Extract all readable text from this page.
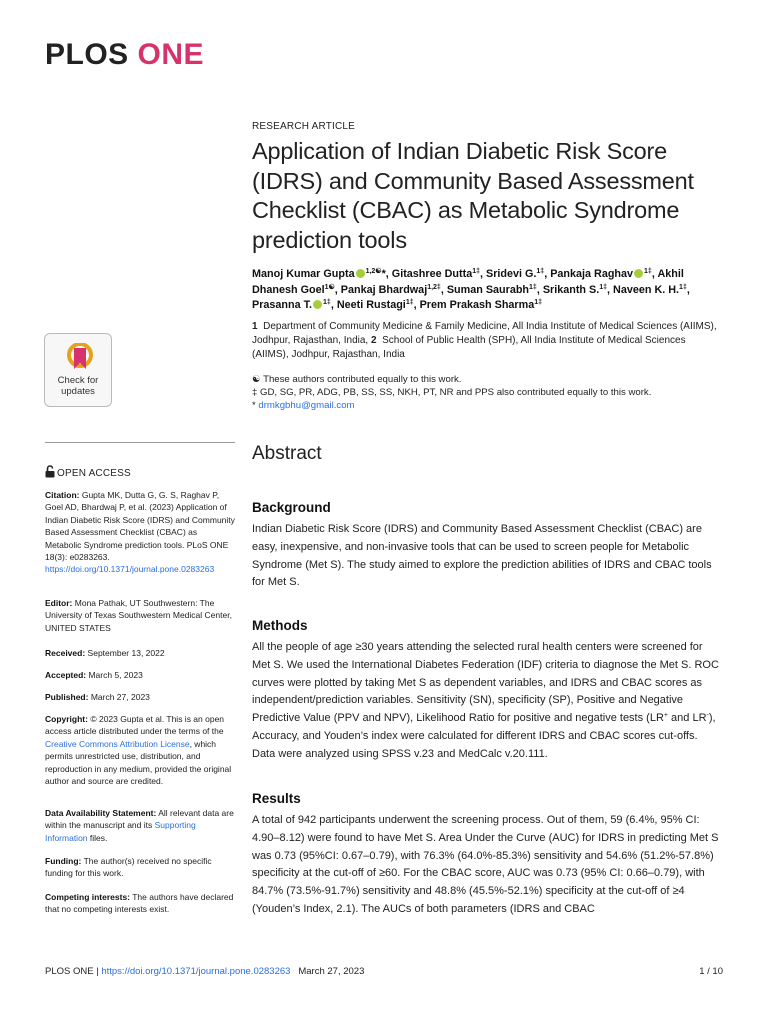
PLOS ONE
Check for
updates
OPEN ACCESS
Citation: Gupta MK, Dutta G, G. S, Raghav P, Goel AD, Bhardwaj P, et al. (2023) Application of Indian Diabetic Risk Score (IDRS) and Community Based Assessment Checklist (CBAC) as Metabolic Syndrome prediction tools. PLoS ONE 18(3): e0283263. https://doi.org/10.1371/journal.pone.0283263
Editor: Mona Pathak, UT Southwestern: The University of Texas Southwestern Medical Center, UNITED STATES
Received: September 13, 2022
Accepted: March 5, 2023
Published: March 27, 2023
Copyright: © 2023 Gupta et al. This is an open access article distributed under the terms of the Creative Commons Attribution License, which permits unrestricted use, distribution, and reproduction in any medium, provided the original author and source are credited.
Data Availability Statement: All relevant data are within the manuscript and its Supporting Information files.
Funding: The author(s) received no specific funding for this work.
Competing interests: The authors have declared that no competing interests exist.
RESEARCH ARTICLE
Application of Indian Diabetic Risk Score (IDRS) and Community Based Assessment Checklist (CBAC) as Metabolic Syndrome prediction tools
Manoj Kumar Gupta $^{1,2☯}$*, Gitashree Dutta$^{1\ddagger}$, Sridevi G.$^{1\ddagger}$, Pankaja Raghav $^{1\ddagger}$, Akhil Dhanesh Goel$^{1☯}$, Pankaj Bhardwaj$^{1,2\ddagger}$, Suman Saurabh$^{1\ddagger}$, Srikanth S.$^{1\ddagger}$, Naveen K. H.$^{1\ddagger}$, Prasanna T. $^{1\ddagger}$, Neeti Rustagi$^{1\ddagger}$, Prem Prakash Sharma$^{1\ddagger}$
1 Department of Community Medicine & Family Medicine, All India Institute of Medical Sciences (AIIMS), Jodhpur, Rajasthan, India, 2 School of Public Health (SPH), All India Institute of Medical Sciences (AIIMS), Jodhpur, Rajasthan, India
☯ These authors contributed equally to this work.
‡ GD, SG, PR, ADG, PB, SS, SS, NKH, PT, NR and PPS also contributed equally to this work.
* drmkgbhu@gmail.com
Abstract
Background

Indian Diabetic Risk Score (IDRS) and Community Based Assessment Checklist (CBAC) are easy, inexpensive, and non-invasive tools that can be used to screen people for Metabolic Syndrome (Met S). The study aimed to explore the prediction abilities of IDRS and CBAC tools for Met S.

Methods

All the people of age ≥30 years attending the selected rural health centers were screened for Met S. We used the International Diabetes Federation (IDF) criteria to diagnose the Met S. ROC curves were plotted by taking Met S as dependent variables, and IDRS and CBAC scores as independent/prediction variables. Sensitivity (SN), specificity (SP), Positive and Negative Predictive Value (PPV and NPV), Likelihood Ratio for positive and negative tests (LR+ and LR-), Accuracy, and Youden’s index were calculated for different IDRS and CBAC scores cut-offs. Data were analyzed using SPSS v.23 and MedCalc v.20.111.

Results

A total of 942 participants underwent the screening process. Out of them, 59 (6.4%, 95% CI: 4.90–8.12) were found to have Met S. Area Under the Curve (AUC) for IDRS in predicting Met S was 0.73 (95%CI: 0.67–0.79), with 76.3% (64.0%-85.3%) sensitivity and 54.6% (51.2%-57.8%) specificity at the cut-off of ≥60. For the CBAC score, AUC was 0.73 (95% CI: 0.66–0.79), with 84.7% (73.5%-91.7%) sensitivity and 48.8% (45.5%-52.1%) specificity at the cut-off of ≥4 (Youden’s Index, 2.1). The AUCs of both parameters (IDRS and CBAC

PLOS ONE | https://doi.org/10.1371/journal.pone.0283263 March 27, 2023	1 / 10
